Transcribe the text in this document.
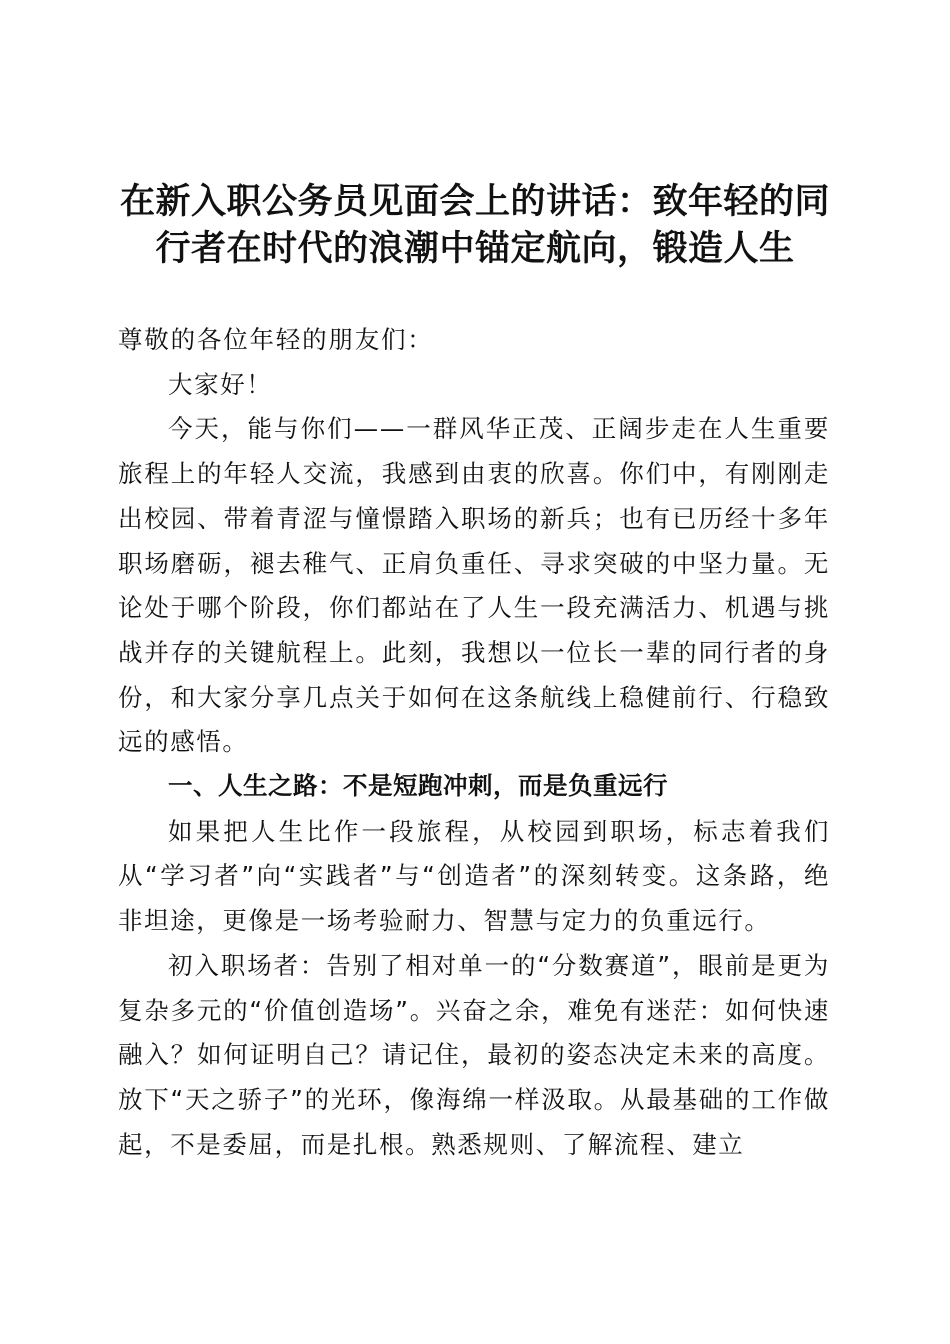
在新入职公务员见面会上的讲话：致年轻的同
行者在时代的浪潮中锚定航向，锻造人生

尊敬的各位年轻的朋友们：

大家好！

今天，能与你们——一群风华正茂、正阔步走在人生重要旅程上的年轻人交流，我感到由衷的欣喜。你们中，有刚刚走出校园、带着青涩与憧憬踏入职场的新兵；也有已历经十多年职场磨砺，褪去稚气、正肩负重任、寻求突破的中坚力量。无论处于哪个阶段，你们都站在了人生一段充满活力、机遇与挑战并存的关键航程上。此刻，我想以一位长一辈的同行者的身份，和大家分享几点关于如何在这条航线上稳健前行、行稳致远的感悟。

一、人生之路：不是短跑冲刺，而是负重远行

如果把人生比作一段旅程，从校园到职场，标志着我们从“学习者”向“实践者”与“创造者”的深刻转变。这条路，绝非坦途，更像是一场考验耐力、智慧与定力的负重远行。

初入职场者：告别了相对单一的“分数赛道”，眼前是更为复杂多元的“价值创造场”。兴奋之余，难免有迷茫：如何快速融入？如何证明自己？请记住，最初的姿态决定未来的高度。放下“天之骄子”的光环，像海绵一样汲取。从最基础的工作做起，不是委屈，而是扎根。熟悉规则、了解流程、建立
